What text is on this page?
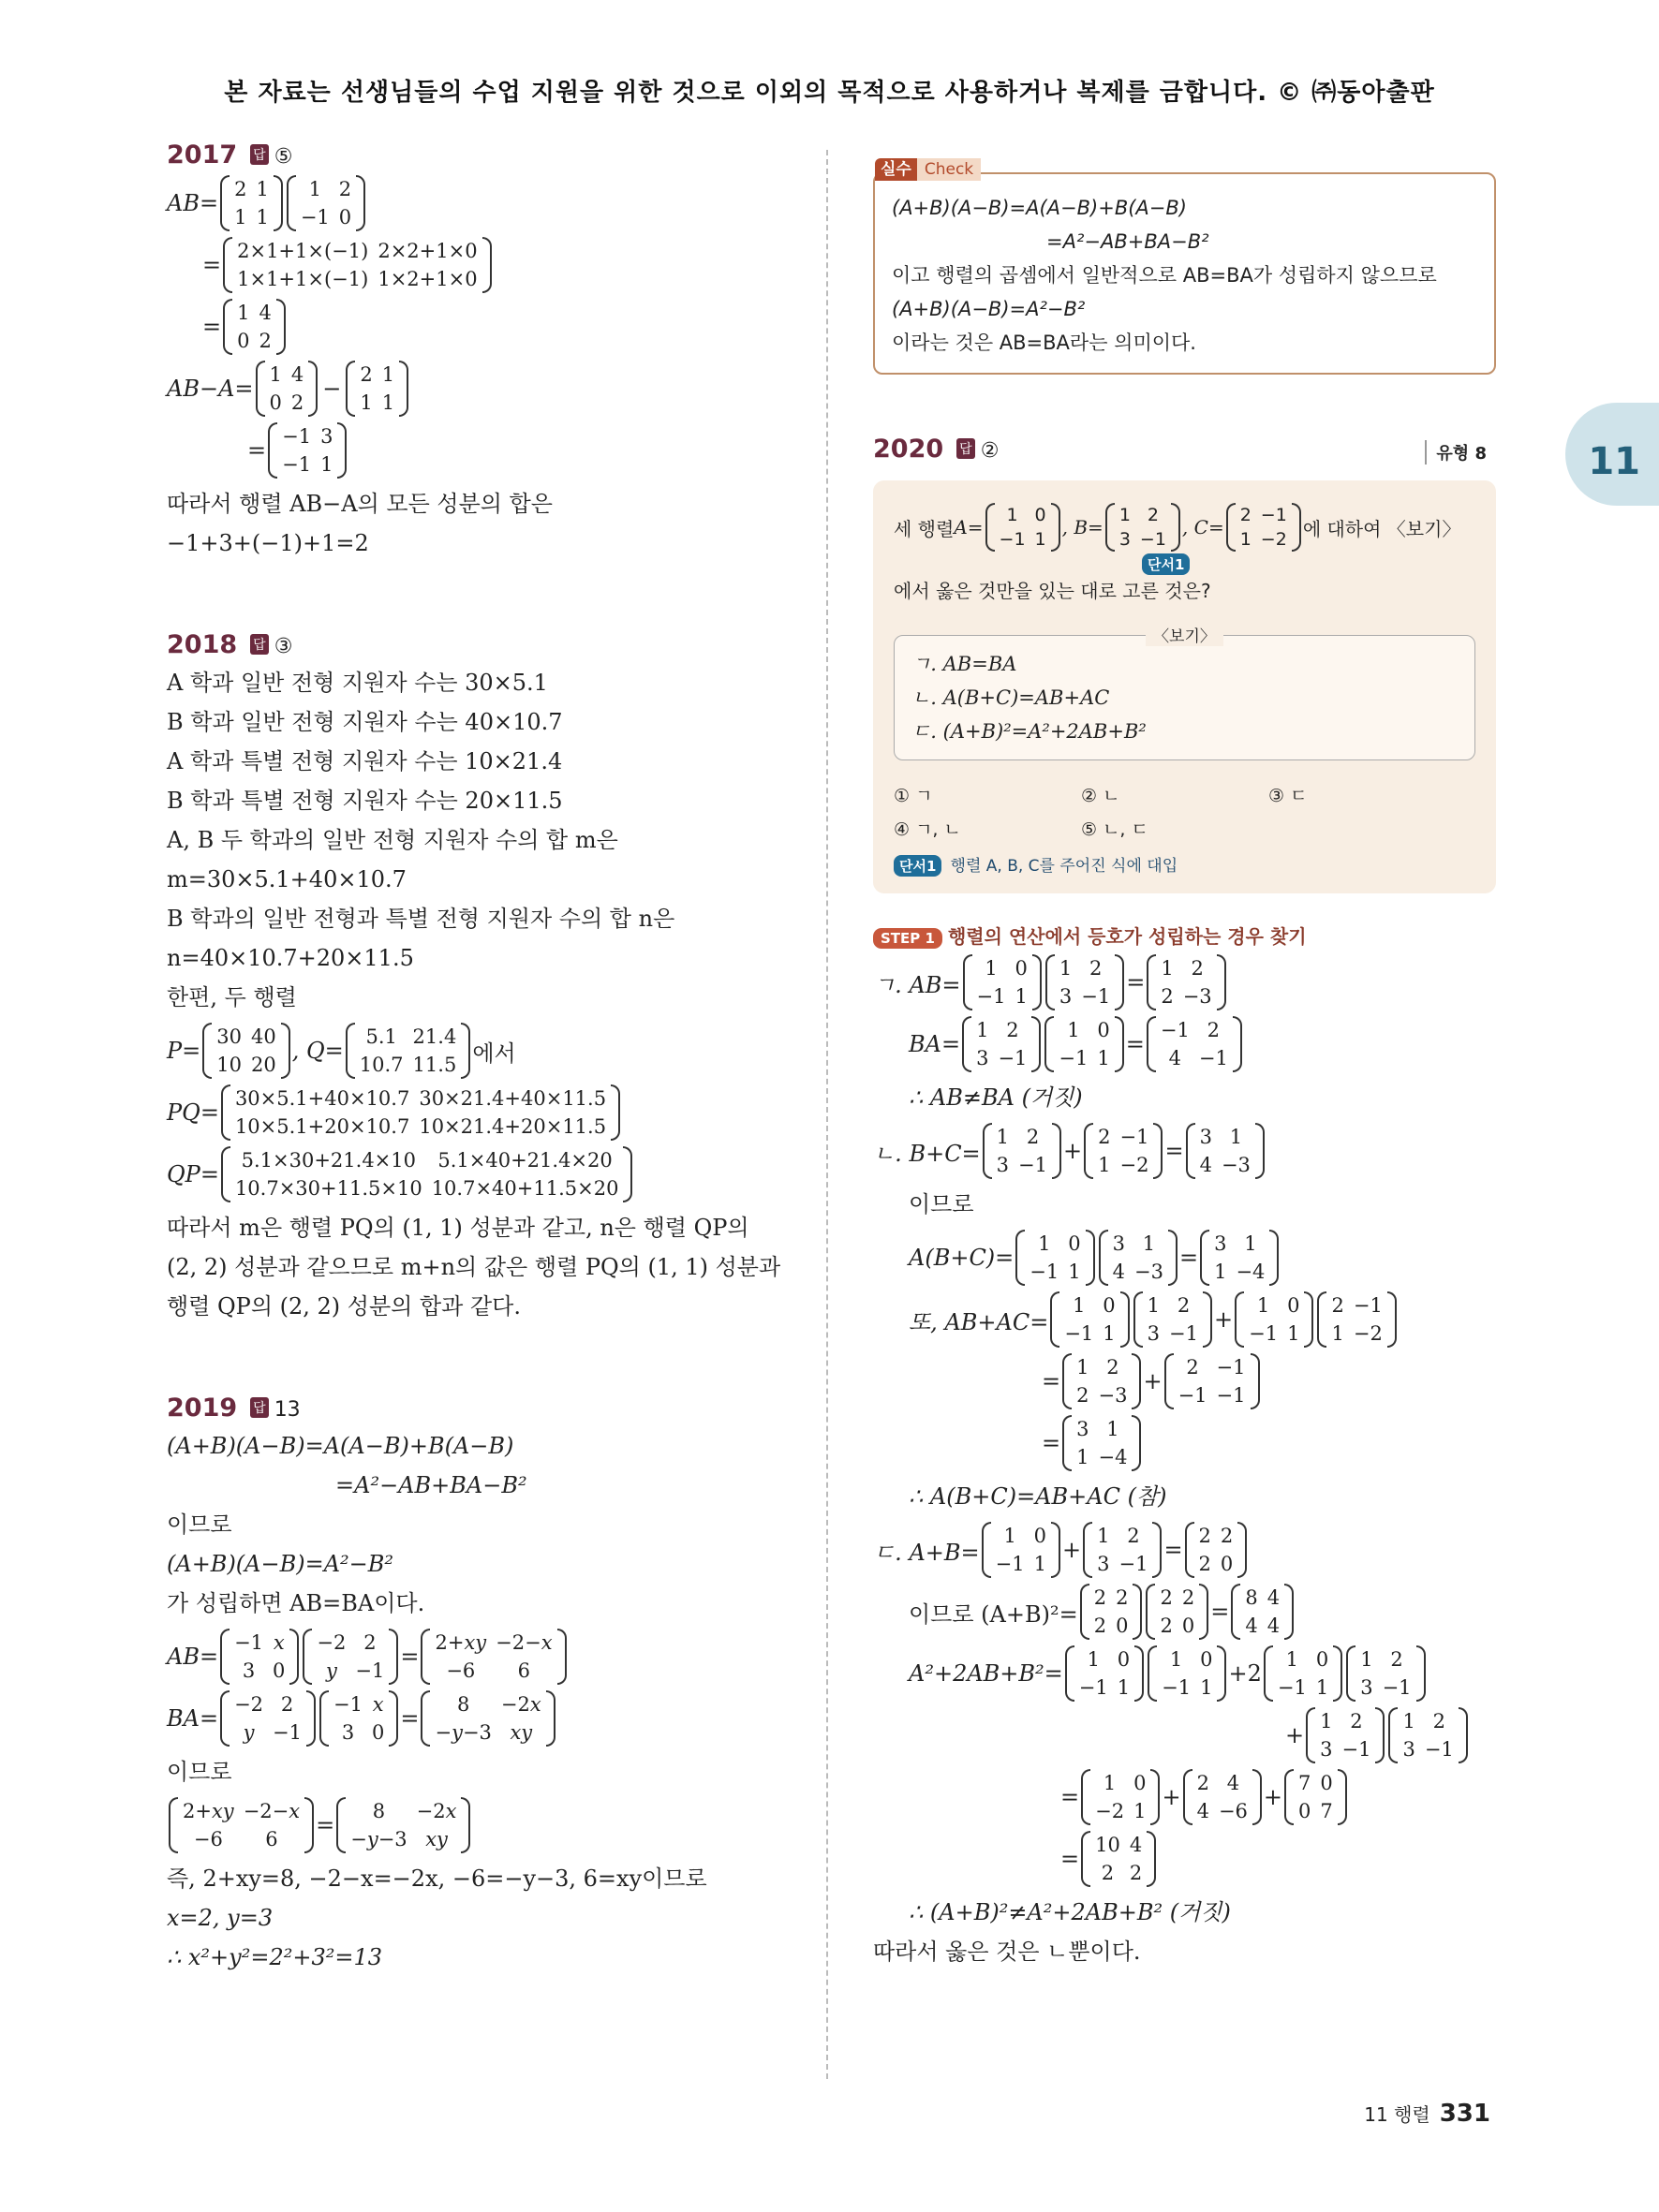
본 자료는 선생님들의 수업 지원을 위한 것으로 이외의 목적으로 사용하거나 복제를 금합니다. © ㈜동아출판
11
2017 답 ⑤
AB=
2	1
1	1
1	2
−1	0
=
2×1+1×(−1)	2×2+1×0
1×1+1×(−1)	1×2+1×0
=
1	4
0	2
AB−A=
1	4
0	2
−
2	1
1	1
=
−1	3
−1	1
따라서 행렬 AB−A의 모든 성분의 합은
−1+3+(−1)+1=2
2018 답 ③
A 학과 일반 전형 지원자 수는 30×5.1
B 학과 일반 전형 지원자 수는 40×10.7
A 학과 특별 전형 지원자 수는 10×21.4
B 학과 특별 전형 지원자 수는 20×11.5
A, B 두 학과의 일반 전형 지원자 수의 합 m은
m=30×5.1+40×10.7
B 학과의 일반 전형과 특별 전형 지원자 수의 합 n은
n=40×10.7+20×11.5
한편, 두 행렬
P=
30	40
10	20
, Q=
5.1	21.4
10.7	11.5 에서
PQ=
30×5.1+40×10.7	30×21.4+40×11.5
10×5.1+20×10.7	10×21.4+20×11.5
QP=
5.1×30+21.4×10	5.1×40+21.4×20
10.7×30+11.5×10	10.7×40+11.5×20
따라서 m은 행렬 PQ의 (1, 1) 성분과 같고, n은 행렬 QP의
(2, 2) 성분과 같으므로 m+n의 값은 행렬 PQ의 (1, 1) 성분과
행렬 QP의 (2, 2) 성분의 합과 같다.
2019 답 13
(A+B)(A−B)=A(A−B)+B(A−B)
=A²−AB+BA−B²
이므로
(A+B)(A−B)=A²−B²
가 성립하면 AB=BA이다.
AB=
−1	x
3	0
−2	2
y	−1
=
2+xy	−2−x
−6	6
BA=
−2	2
y	−1
−1	x
3	0
=
8	−2x
−y−3	xy
이므로
2+xy	−2−x
−6	6
=
8	−2x
−y−3	xy
즉, 2+xy=8, −2−x=−2x, −6=−y−3, 6=xy이므로
x=2, y=3
∴ x²+y²=2²+3²=13
실수 Check
(A+B)(A−B)=A(A−B)+B(A−B)
=A²−AB+BA−B²
이고 행렬의 곱셈에서 일반적으로 AB=BA가 성립하지 않으므로
(A+B)(A−B)=A²−B²
이라는 것은 AB=BA라는 의미이다.
2020 답 ②	유형 8
세 행렬 A=
1	0
−1	1
, B=
1	2
3	−1
, C=
2	−1
1	−2 에 대하여 〈보기〉
단서1
에서 옳은 것만을 있는 대로 고른 것은?
〈보기〉
ㄱ. AB=BA
ㄴ. A(B+C)=AB+AC
ㄷ. (A+B)²=A²+2AB+B²
① ㄱ	② ㄴ	③ ㄷ
④ ㄱ, ㄴ	⑤ ㄴ, ㄷ
단서1 행렬 A, B, C를 주어진 식에 대입
STEP 1 행렬의 연산에서 등호가 성립하는 경우 찾기
ㄱ. AB=
1	0
−1	1
1	2
3	−1
=
1	2
2	−3
BA=
1	2
3	−1
1	0
−1	1
=
−1	2
4	−1
∴ AB≠BA (거짓)
ㄴ. B+C=
1	2
3	−1
+
2	−1
1	−2
=
3	1
4	−3
이므로
A(B+C)=
1	0
−1	1
3	1
4	−3
=
3	1
1	−4
또, AB+AC=
1	0
−1	1
1	2
3	−1
+
1	0
−1	1
2	−1
1	−2
=
1	2
2	−3
+
2	−1
−1	−1
=
3	1
1	−4
∴ A(B+C)=AB+AC (참)
ㄷ. A+B=
1	0
−1	1
+
1	2
3	−1
=
2	2
2	0
이므로 (A+B)²=
2	2
2	0
2	2
2	0
=
8	4
4	4
A²+2AB+B²=
1	0
−1	1
1	0
−1	1
+2
1	0
−1	1
1	2
3	−1
+
1	2
3	−1
1	2
3	−1
=
1	0
−2	1
+
2	4
4	−6
+
7	0
0	7
=
10	4
2	2
∴ (A+B)²≠A²+2AB+B² (거짓)
따라서 옳은 것은 ㄴ뿐이다.
11 행렬 331
